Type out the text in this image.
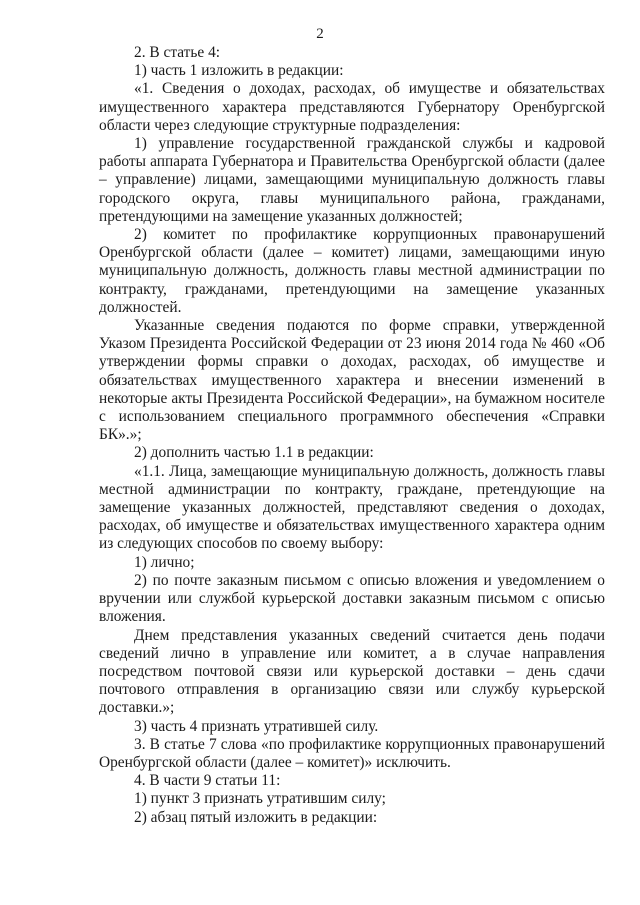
2

2. В статье 4:

1) часть 1 изложить в редакции:

«1. Сведения о доходах, расходах, об имуществе и обязательствах имущественного характера представляются Губернатору Оренбургской области через следующие структурные подразделения:

1) управление государственной гражданской службы и кадровой работы аппарата Губернатора и Правительства Оренбургской области (далее – управление) лицами, замещающими муниципальную должность главы городского округа, главы муниципального района, гражданами, претендующими на замещение указанных должностей;

2) комитет по профилактике коррупционных правонарушений Оренбургской области (далее – комитет) лицами, замещающими иную муниципальную должность, должность главы местной администрации по контракту, гражданами, претендующими на замещение указанных должностей.

Указанные сведения подаются по форме справки, утвержденной Указом Президента Российской Федерации от 23 июня 2014 года № 460 «Об утверждении формы справки о доходах, расходах, об имуществе и обязательствах имущественного характера и внесении изменений в некоторые акты Президента Российской Федерации», на бумажном носителе с использованием специального программного обеспечения «Справки БК».»;

2) дополнить частью 1.1 в редакции:

«1.1. Лица, замещающие муниципальную должность, должность главы местной администрации по контракту, граждане, претендующие на замещение указанных должностей, представляют сведения о доходах, расходах, об имуществе и обязательствах имущественного характера одним из следующих способов по своему выбору:

1) лично;

2) по почте заказным письмом с описью вложения и уведомлением о вручении или службой курьерской доставки заказным письмом с описью вложения.

Днем представления указанных сведений считается день подачи сведений лично в управление или комитет, а в случае направления посредством почтовой связи или курьерской доставки – день сдачи почтового отправления в организацию связи или службу курьерской доставки.»;

3) часть 4 признать утратившей силу.

3. В статье 7 слова «по профилактике коррупционных правонарушений Оренбургской области (далее – комитет)» исключить.

4. В части 9 статьи 11:

1) пункт 3 признать утратившим силу;

2) абзац пятый изложить в редакции:
